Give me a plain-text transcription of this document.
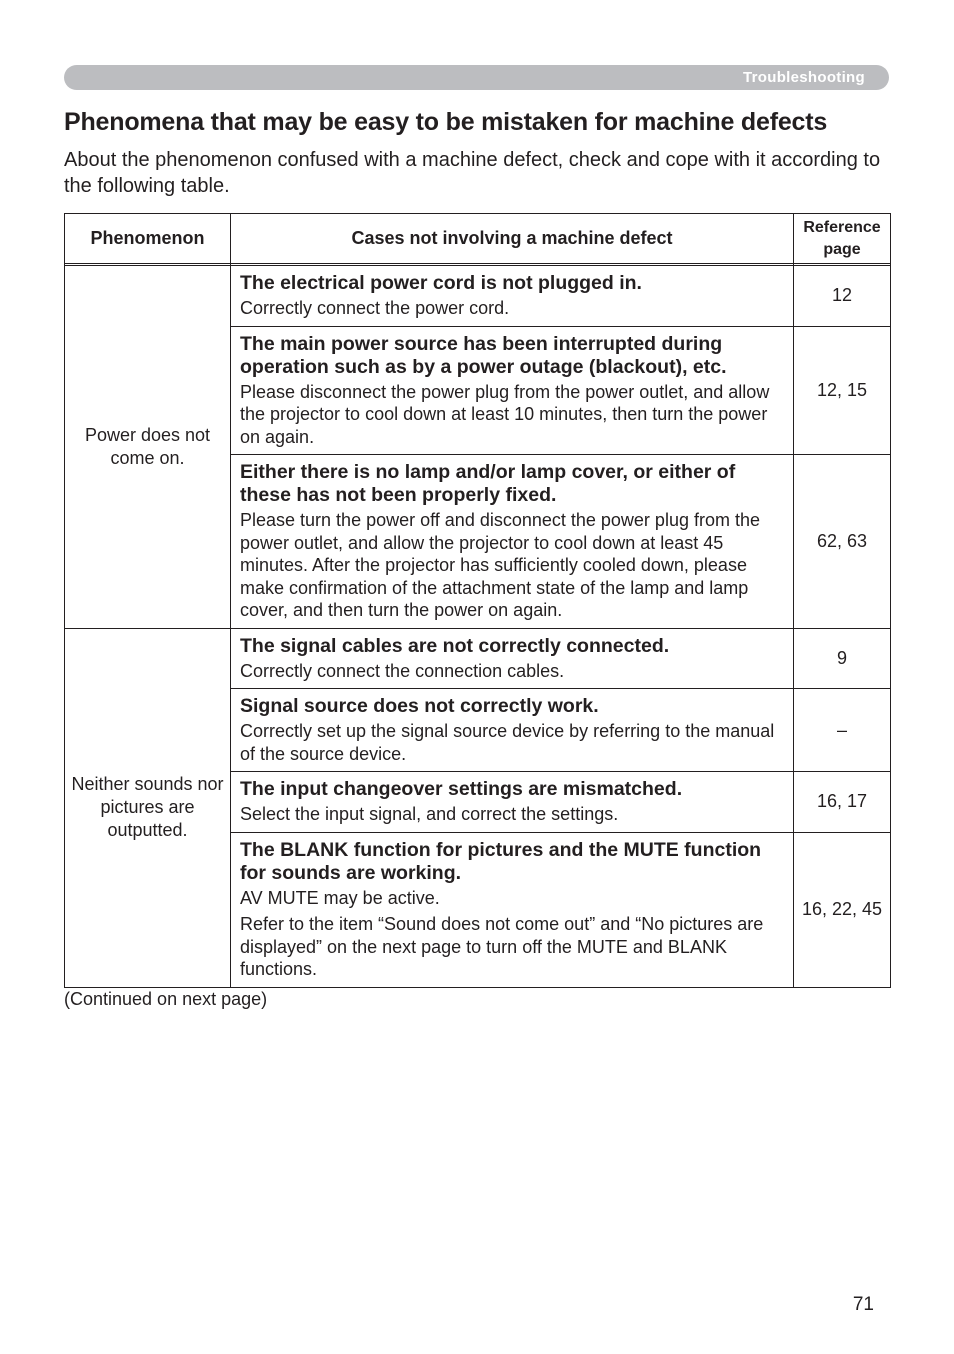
Troubleshooting
Phenomena that may be easy to be mistaken for machine defects

About the phenomenon confused with a machine defect, check and cope with it according to the following table.

Phenomenon	Cases not involving a machine defect	Reference page

Power does not come on.	The electrical power cord is not plugged in.
Correctly connect the power cord.	12

	The main power source has been interrupted during operation such as by a power outage (blackout), etc.
Please disconnect the power plug from the power outlet, and allow the projector to cool down at least 10 minutes, then turn the power on again.	12, 15

	Either there is no lamp and/or lamp cover, or either of these has not been properly fixed.
Please turn the power off and disconnect the power plug from the power outlet, and allow the projector to cool down at least 45 minutes. After the projector has sufficiently cooled down, please make confirmation of the attachment state of the lamp and lamp cover, and then turn the power on again.	62, 63
Neither sounds nor pictures are outputted.	The signal cables are not correctly connected.
Correctly connect the connection cables.	9

	Signal source does not correctly work.
Correctly set up the signal source device by referring to the manual of the source device.	–

	The input changeover settings are mismatched.
Select the input signal, and correct the settings.	16, 17

	The BLANK function for pictures and the MUTE function for sounds are working.
AV MUTE may be active.
Refer to the item “Sound does not come out” and “No pictures are displayed” on the next page to turn off the MUTE and BLANK functions.	16, 22, 45
(Continued on next page)
71
